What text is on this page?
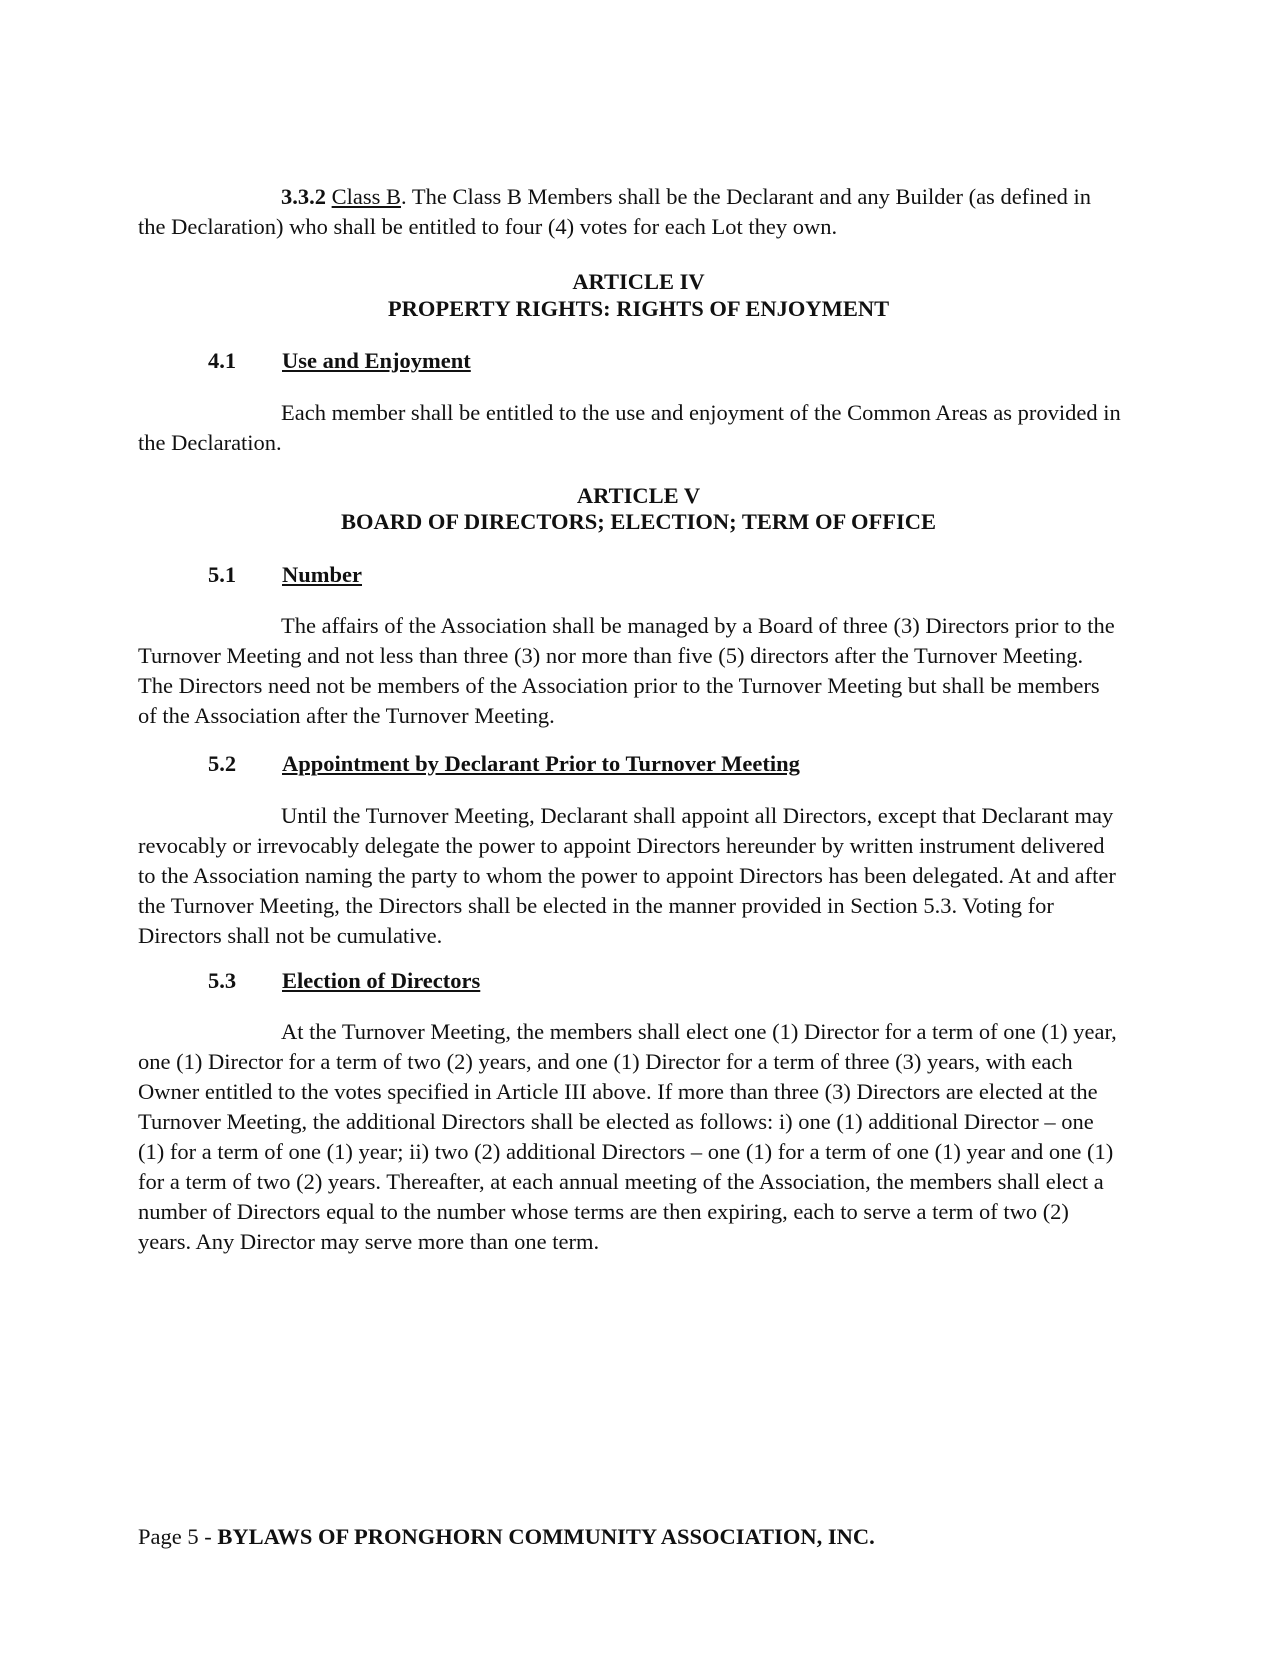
3.3.2 Class B. The Class B Members shall be the Declarant and any Builder (as defined in the Declaration) who shall be entitled to four (4) votes for each Lot they own.

ARTICLE IV

PROPERTY RIGHTS: RIGHTS OF ENJOYMENT

4.1 Use and Enjoyment

Each member shall be entitled to the use and enjoyment of the Common Areas as provided in the Declaration.

ARTICLE V

BOARD OF DIRECTORS; ELECTION; TERM OF OFFICE

5.1 Number

The affairs of the Association shall be managed by a Board of three (3) Directors prior to the Turnover Meeting and not less than three (3) nor more than five (5) directors after the Turnover Meeting. The Directors need not be members of the Association prior to the Turnover Meeting but shall be members of the Association after the Turnover Meeting.

5.2 Appointment by Declarant Prior to Turnover Meeting

Until the Turnover Meeting, Declarant shall appoint all Directors, except that Declarant may revocably or irrevocably delegate the power to appoint Directors hereunder by written instrument delivered to the Association naming the party to whom the power to appoint Directors has been delegated. At and after the Turnover Meeting, the Directors shall be elected in the manner provided in Section 5.3. Voting for Directors shall not be cumulative.

5.3 Election of Directors

At the Turnover Meeting, the members shall elect one (1) Director for a term of one (1) year, one (1) Director for a term of two (2) years, and one (1) Director for a term of three (3) years, with each Owner entitled to the votes specified in Article III above. If more than three (3) Directors are elected at the Turnover Meeting, the additional Directors shall be elected as follows: i) one (1) additional Director – one (1) for a term of one (1) year; ii) two (2) additional Directors – one (1) for a term of one (1) year and one (1) for a term of two (2) years. Thereafter, at each annual meeting of the Association, the members shall elect a number of Directors equal to the number whose terms are then expiring, each to serve a term of two (2) years. Any Director may serve more than one term.

Page 5 - BYLAWS OF PRONGHORN COMMUNITY ASSOCIATION, INC.
